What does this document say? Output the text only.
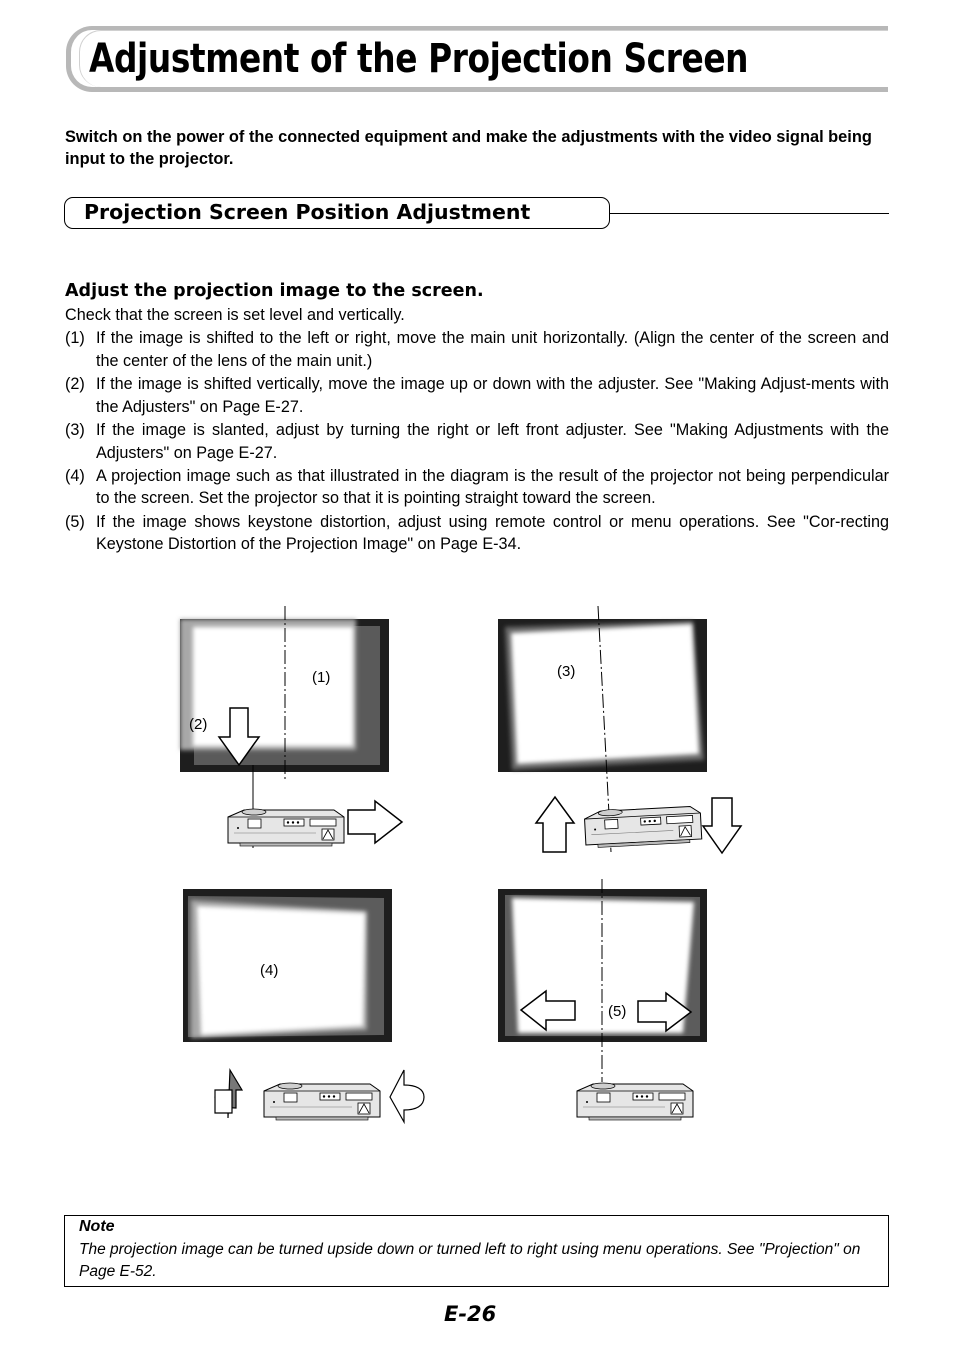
Adjustment of the Projection Screen

Switch on the power of the connected equipment and make the adjustments with the video signal being input to the projector.

Projection Screen Position Adjustment
Adjust the projection image to the screen.

Check that the screen is set level and vertically.

(1) If the image is shifted to the left or right, move the main unit horizontally. (Align the center of the screen and the center of the lens of the main unit.)
(2) If the image is shifted vertically, move the image up or down with the adjuster. See "Making Adjust-ments with the Adjusters" on Page E-27.
(3) If the image is slanted, adjust by turning the right or left front adjuster. See "Making Adjustments with the Adjusters" on Page E-27.
(4) A projection image such as that illustrated in the diagram is the result of the projector not being perpendicular to the screen. Set the projector so that it is pointing straight toward the screen.
(5) If the image shows keystone distortion, adjust using remote control or menu operations. See "Cor-recting Keystone Distortion of the Projection Image" on Page E-34.
(1)
(2)
(3)
(4)
(5)

Note

The projection image can be turned upside down or turned left to right using menu operations. See "Projection" on Page E-52.

E-26
